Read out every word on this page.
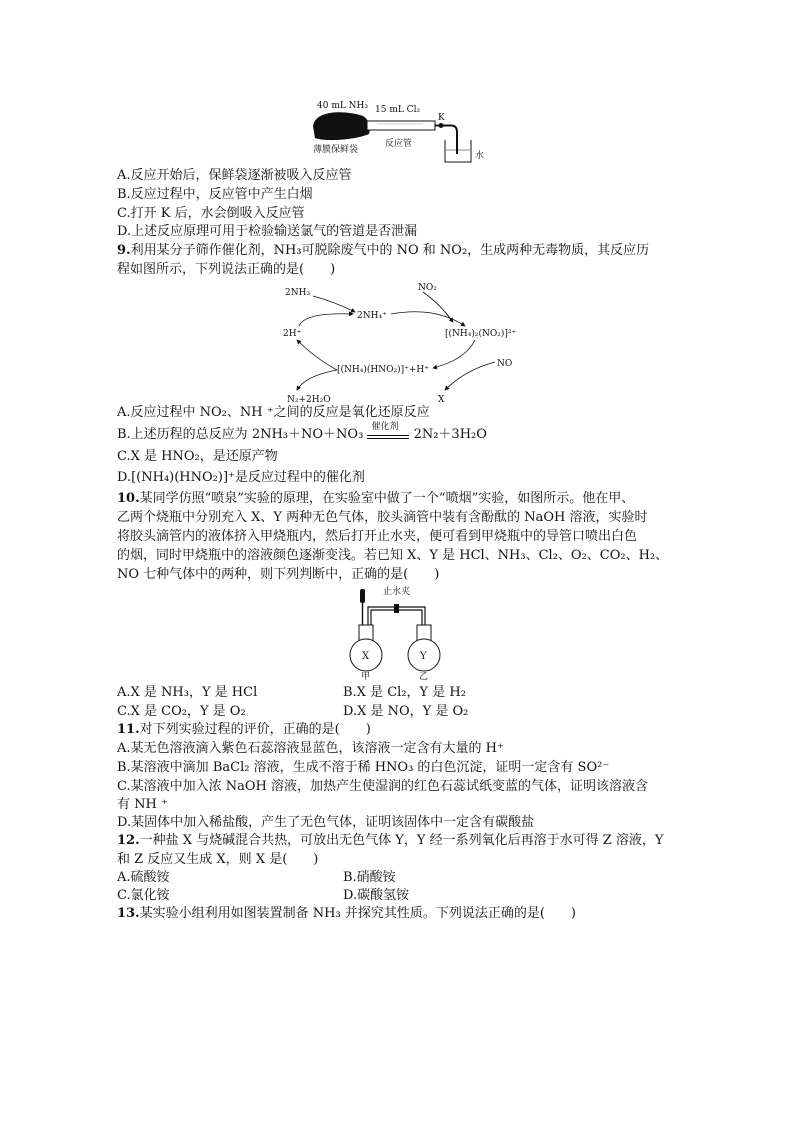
40 mL NH₃ 15 mL Cl₂
K
薄膜保鲜袋
反应管
水
A.反应开始后，保鲜袋逐渐被吸入反应管
B.反应过程中，反应管中产生白烟
C.打开 K 后，水会倒吸入反应管
D.上述反应原理可用于检验输送氯气的管道是否泄漏
9.利用某分子筛作催化剂，NH₃可脱除废气中的 NO 和 NO₂，生成两种无毒物质，其反应历
程如图所示，下列说法正确的是(　　)
2NH₃	NO₂
2NH₄⁺
[(NH₄)₂(NO₂)]²⁺
2H⁺
NO
[(NH₄)(HNO₂)]⁺+H⁺
N₂+2H₂O	X
A.反应过程中 NO₂、NH ⁺之间的反应是氧化还原反应
B.上述历程的总反应为 2NH₃＋NO＋NO₃
催化剂
2N₂＋3H₂O
C.X 是 HNO₂，是还原产物
D.[(NH₄)(HNO₂)]⁺是反应过程中的催化剂
10.某同学仿照“喷泉”实验的原理，在实验室中做了一个“喷烟”实验，如图所示。他在甲、
乙两个烧瓶中分别充入 X、Y 两种无色气体，胶头滴管中装有含酚酞的 NaOH 溶液，实验时
将胶头滴管内的液体挤入甲烧瓶内，然后打开止水夹，便可看到甲烧瓶中的导管口喷出白色
的烟，同时甲烧瓶中的溶液颜色逐渐变浅。若已知 X、Y 是 HCl、NH₃、Cl₂、O₂、CO₂、H₂、
NO 七种气体中的两种，则下列判断中，正确的是(　　)
止水夹
X	Y
甲	乙
A.X 是 NH₃，Y 是 HCl	B.X 是 Cl₂，Y 是 H₂
C.X 是 CO₂，Y 是 O₂	D.X 是 NO，Y 是 O₂
11.对下列实验过程的评价，正确的是(　　)
A.某无色溶液滴入紫色石蕊溶液显蓝色，该溶液一定含有大量的 H⁺
B.某溶液中滴加 BaCl₂ 溶液，生成不溶于稀 HNO₃ 的白色沉淀，证明一定含有 SO²⁻
C.某溶液中加入浓 NaOH 溶液，加热产生使湿润的红色石蕊试纸变蓝的气体，证明该溶液含
有 NH ⁺
D.某固体中加入稀盐酸，产生了无色气体，证明该固体中一定含有碳酸盐
12.一种盐 X 与烧碱混合共热，可放出无色气体 Y，Y 经一系列氧化后再溶于水可得 Z 溶液，Y
和 Z 反应又生成 X，则 X 是(　　)
A.硫酸铵	B.硝酸铵
C.氯化铵	D.碳酸氢铵
13.某实验小组利用如图装置制备 NH₃ 并探究其性质。下列说法正确的是(　　)
